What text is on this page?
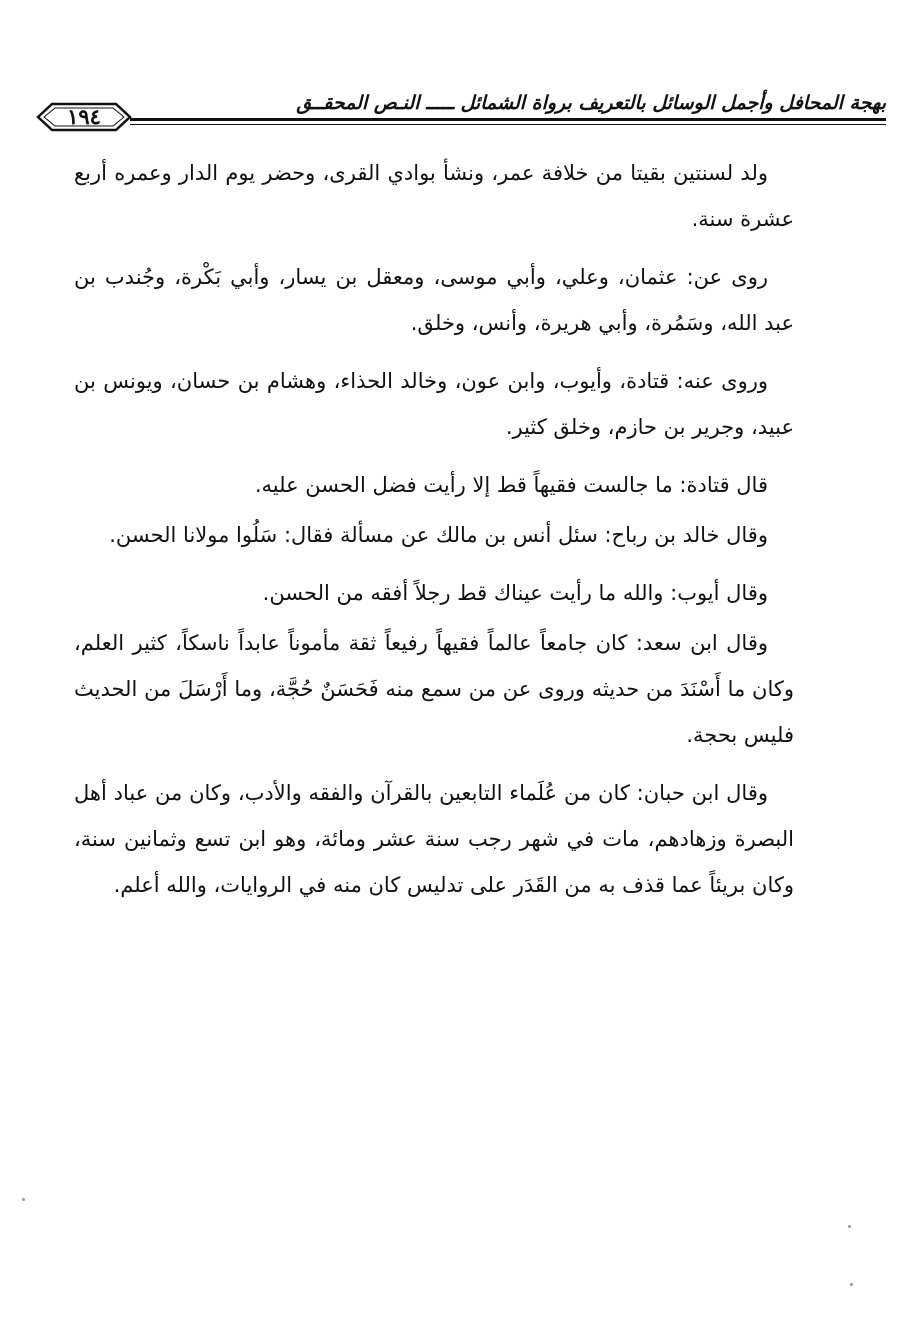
بهجة المحافل وأجمل الوسائل بالتعريف برواة الشمائل ـــــ النـص المحقــق
١٩٤

ولد لسنتين بقيتا من خلافة عمر، ونشأ بوادي القرى، وحضر يوم الدار وعمره أربع عشرة سنة.

روى عن: عثمان، وعلي، وأبي موسى، ومعقل بن يسار، وأبي بَكْرة، وجُندب بن عبد الله، وسَمُرة، وأبي هريرة، وأنس، وخلق.

وروى عنه: قتادة، وأيوب، وابن عون، وخالد الحذاء، وهشام بن حسان، ويونس بن عبيد، وجرير بن حازم، وخلق كثير.

قال قتادة: ما جالست فقيهاً قط إلا رأيت فضل الحسن عليه.

وقال خالد بن رباح: سئل أنس بن مالك عن مسألة فقال: سَلُوا مولانا الحسن.

وقال أيوب: والله ما رأيت عيناك قط رجلاً أفقه من الحسن.

وقال ابن سعد: كان جامعاً عالماً فقيهاً رفيعاً ثقة مأموناً عابداً ناسكاً، كثير العلم، وكان ما أَسْنَدَ من حديثه وروى عن من سمع منه فَحَسَنٌ حُجَّة، وما أَرْسَلَ من الحديث فليس بحجة.

وقال ابن حبان: كان من عُلَماء التابعين بالقرآن والفقه والأدب، وكان من عباد أهل البصرة وزهادهم، مات في شهر رجب سنة عشر ومائة، وهو ابن تسع وثمانين سنة، وكان بريئاً عما قذف به من القَدَر على تدليس كان منه في الروايات، والله أعلم.
